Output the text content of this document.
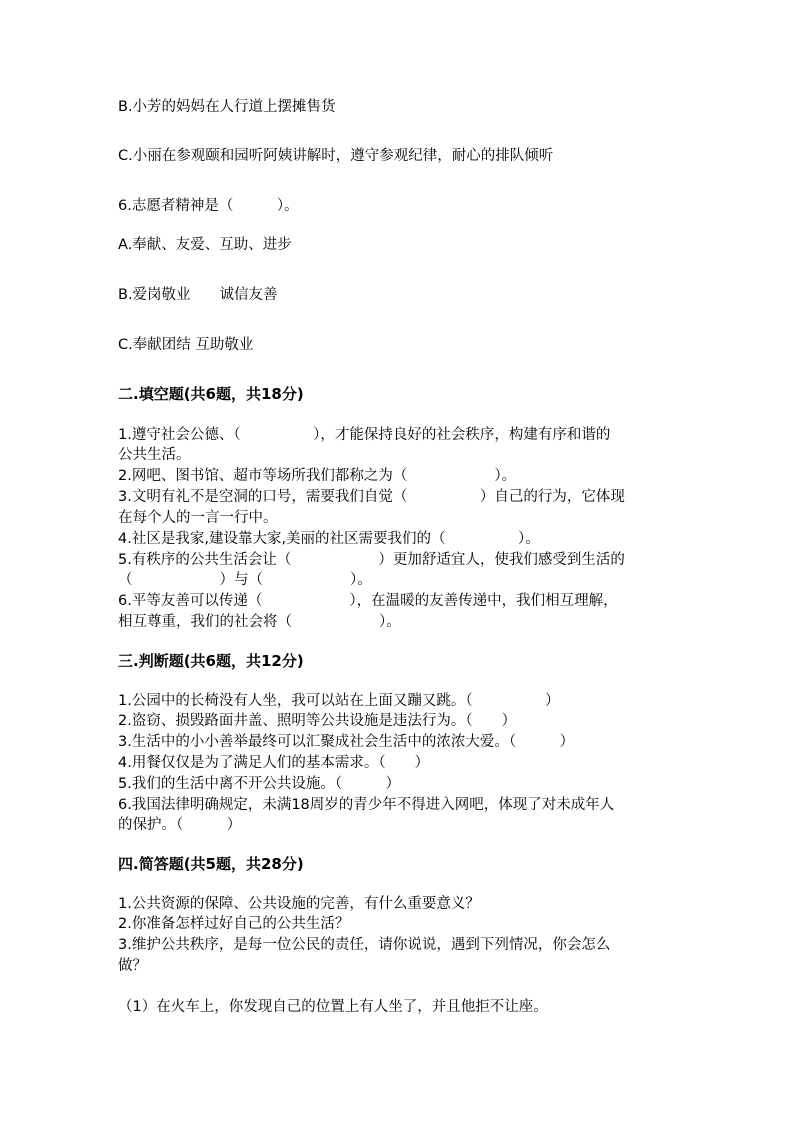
B.小芳的妈妈在人行道上摆摊售货
C.小丽在参观颐和园听阿姨讲解时，遵守参观纪律，耐心的排队倾听
6.志愿者精神是（　　　）。
A.奉献、友爱、互助、进步
B.爱岗敬业　　诚信友善
C.奉献团结 互助敬业
二.填空题(共6题，共18分)
1.遵守社会公德、（　　　　　），才能保持良好的社会秩序，构建有序和谐的
公共生活。
2.网吧、图书馆、超市等场所我们都称之为（　　　　　　）。
3.文明有礼不是空洞的口号，需要我们自觉（　　　　　）自己的行为，它体现
在每个人的一言一行中。
4.社区是我家,建设靠大家,美丽的社区需要我们的（　　　　　）。
5.有秩序的公共生活会让（　　　　　　）更加舒适宜人，使我们感受到生活的
（　　　　　　）与（　　　　　　）。
6.平等友善可以传递（　　　　　　），在温暖的友善传递中，我们相互理解，
相互尊重，我们的社会将（　　　　　　）。
三.判断题(共6题，共12分)
1.公园中的长椅没有人坐，我可以站在上面又蹦又跳。（　　　　　）
2.盗窃、损毁路面井盖、照明等公共设施是违法行为。（　　）
3.生活中的小小善举最终可以汇聚成社会生活中的浓浓大爱。（　　　）
4.用餐仅仅是为了满足人们的基本需求。（　　）
5.我们的生活中离不开公共设施。（　　　）
6.我国法律明确规定，未满18周岁的青少年不得进入网吧，体现了对未成年人
的保护。（　　　）
四.简答题(共5题，共28分)
1.公共资源的保障、公共设施的完善，有什么重要意义？
2.你准备怎样过好自己的公共生活？
3.维护公共秩序，是每一位公民的责任，请你说说，遇到下列情况，你会怎么
做？
（1）在火车上，你发现自己的位置上有人坐了，并且他拒不让座。
